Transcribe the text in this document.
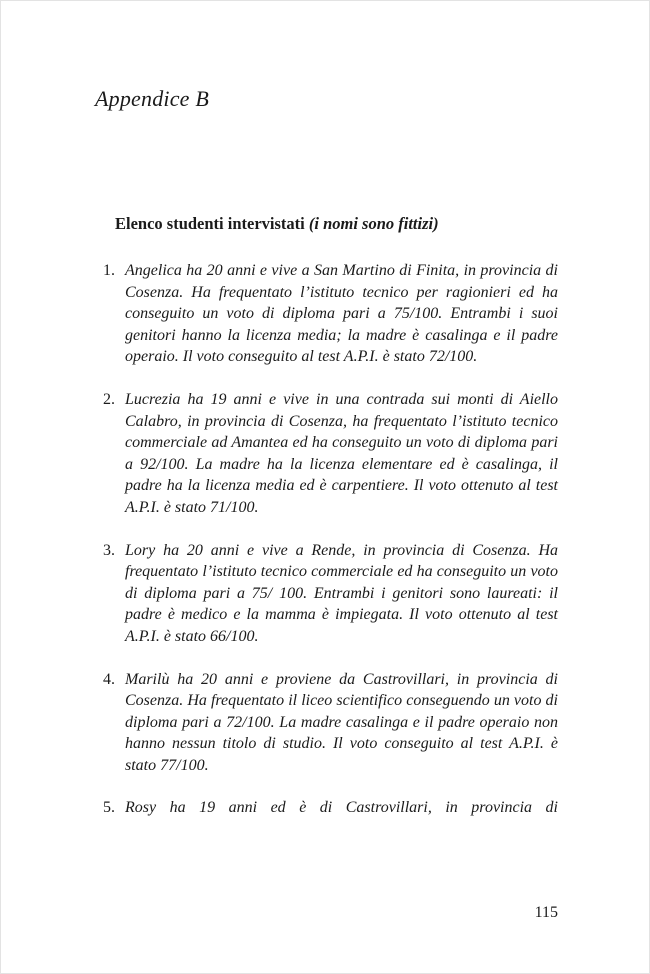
Appendice B
Elenco studenti intervistati (i nomi sono fittizi)
1. Angelica ha 20 anni e vive a San Martino di Finita, in provincia di Cosenza. Ha frequentato l’istituto tecnico per ragionieri ed ha conseguito un voto di diploma pari a 75/100. Entrambi i suoi genitori hanno la licenza media; la madre è casalinga e il padre operaio. Il voto conseguito al test A.P.I. è stato 72/100.
2. Lucrezia ha 19 anni e vive in una contrada sui monti di Aiello Calabro, in provincia di Cosenza, ha frequentato l’istituto tecnico commerciale ad Amantea ed ha conseguito un voto di diploma pari a 92/100. La madre ha la licenza elementare ed è casalinga, il padre ha la licenza media ed è carpentiere. Il voto ottenuto al test A.P.I. è stato 71/100.
3. Lory ha 20 anni e vive a Rende, in provincia di Cosenza. Ha frequentato l’istituto tecnico commerciale ed ha conseguito un voto di diploma pari a 75/ 100. Entrambi i genitori sono laureati: il padre è medico e la mamma è impiegata. Il voto ottenuto al test A.P.I. è stato 66/100.
4. Marilù ha 20 anni e proviene da Castrovillari, in provincia di Cosenza. Ha frequentato il liceo scientifico conseguendo un voto di diploma pari a 72/100. La madre casalinga e il padre operaio non hanno nessun titolo di studio. Il voto conseguito al test A.P.I. è stato 77/100.
5. Rosy ha 19 anni ed è di Castrovillari, in provincia di
115
